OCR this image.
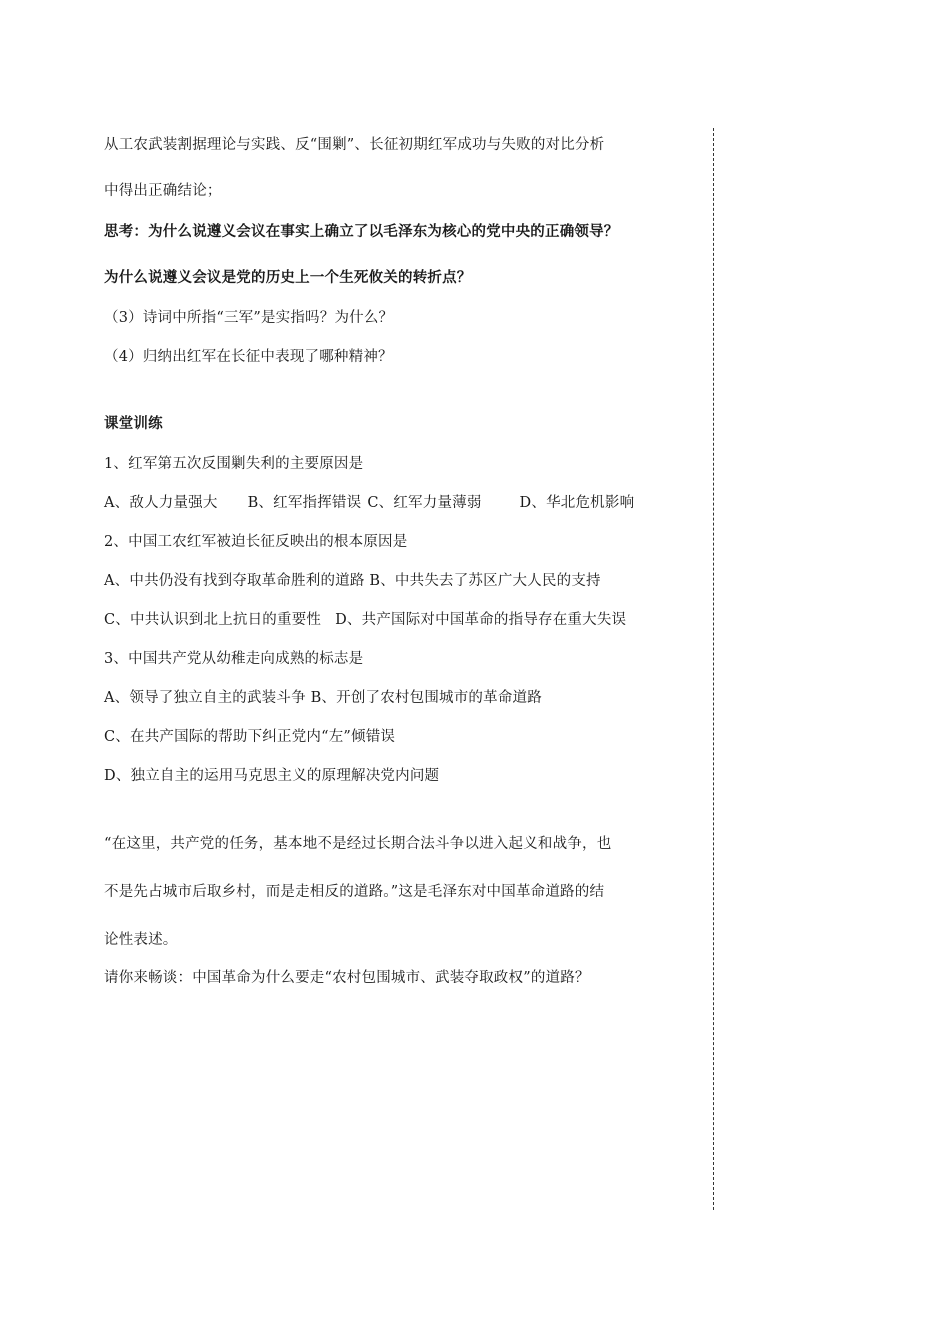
从工农武装割据理论与实践、反“围剿”、长征初期红军成功与失败的对比分析
中得出正确结论；
思考：为什么说遵义会议在事实上确立了以毛泽东为核心的党中央的正确领导？
为什么说遵义会议是党的历史上一个生死攸关的转折点？
（3）诗词中所指“三军”是实指吗？为什么？
（4）归纳出红军在长征中表现了哪种精神？
课堂训练
1、红军第五次反围剿失利的主要原因是
A、敌人力量强大 B、红军指挥错误 C、红军力量薄弱	D、华北危机影响
2、中国工农红军被迫长征反映出的根本原因是
A、中共仍没有找到夺取革命胜利的道路 B、中共失去了苏区广大人民的支持
C、中共认识到北上抗日的重要性 D、共产国际对中国革命的指导存在重大失误
3、中国共产党从幼稚走向成熟的标志是
A、领导了独立自主的武装斗争 B、开创了农村包围城市的革命道路
C、在共产国际的帮助下纠正党内“左”倾错误
D、独立自主的运用马克思主义的原理解决党内问题
“在这里，共产党的任务，基本地不是经过长期合法斗争以进入起义和战争，也
不是先占城市后取乡村，而是走相反的道路。”这是毛泽东对中国革命道路的结
论性表述。
请你来畅谈：中国革命为什么要走“农村包围城市、武装夺取政权”的道路？
